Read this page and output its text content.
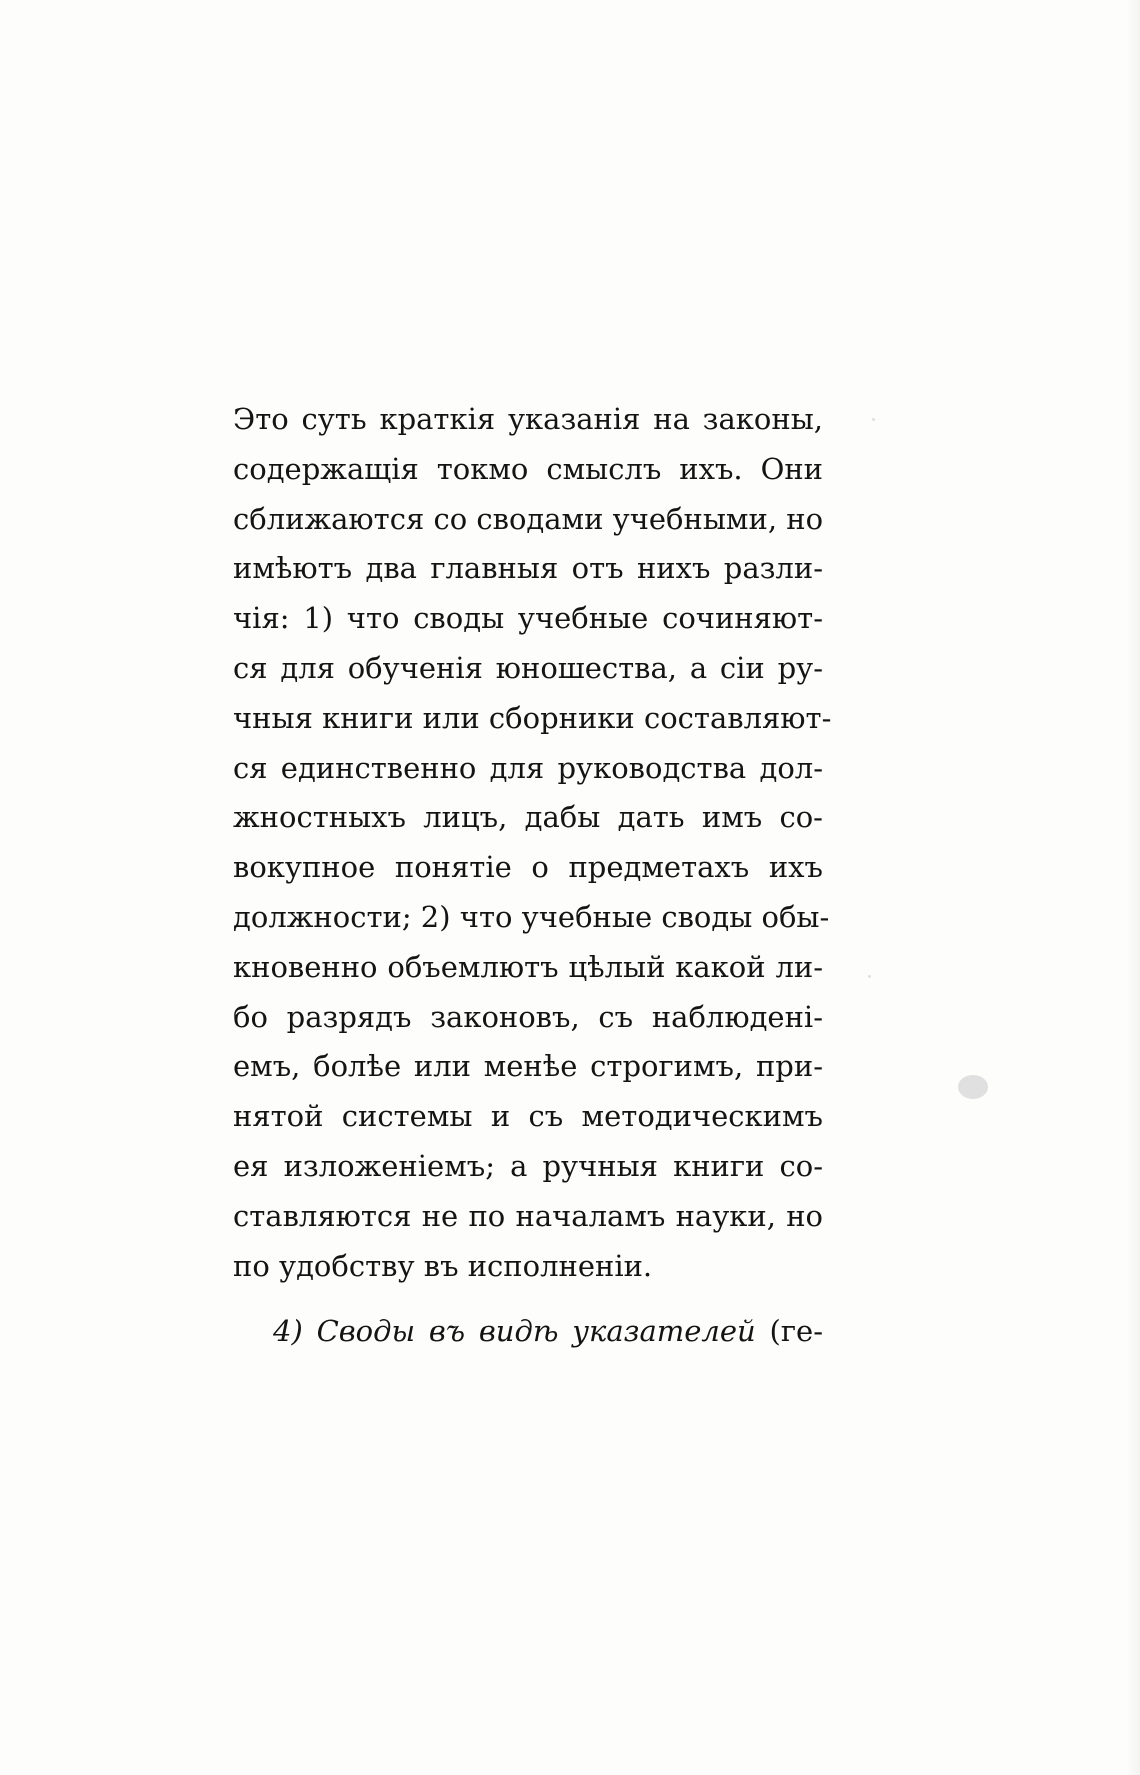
Это суть краткія указанія на законы,
содержащія токмо смыслъ ихъ. Они
сближаются со сводами учебными, но
имѣютъ два главныя отъ нихъ разли-
чія: 1) что своды учебные сочиняют-
ся для обученія юношества, а сіи ру-
чныя книги или сборники составляют-
ся единственно для руководства дол-
жностныхъ лицъ, дабы дать имъ со-
вокупное понятіе о предметахъ ихъ
должности; 2) что учебные своды обы-
кновенно объемлютъ цѣлый какой ли-
бо разрядъ законовъ, съ наблюдені-
емъ, болѣе или менѣе строгимъ, при-
нятой системы и съ методическимъ
ея изложеніемъ; а ручныя книги со-
ставляются не по началамъ науки, но
по удобству въ исполненіи.
4) Своды въ видѣ указателей (ге-
